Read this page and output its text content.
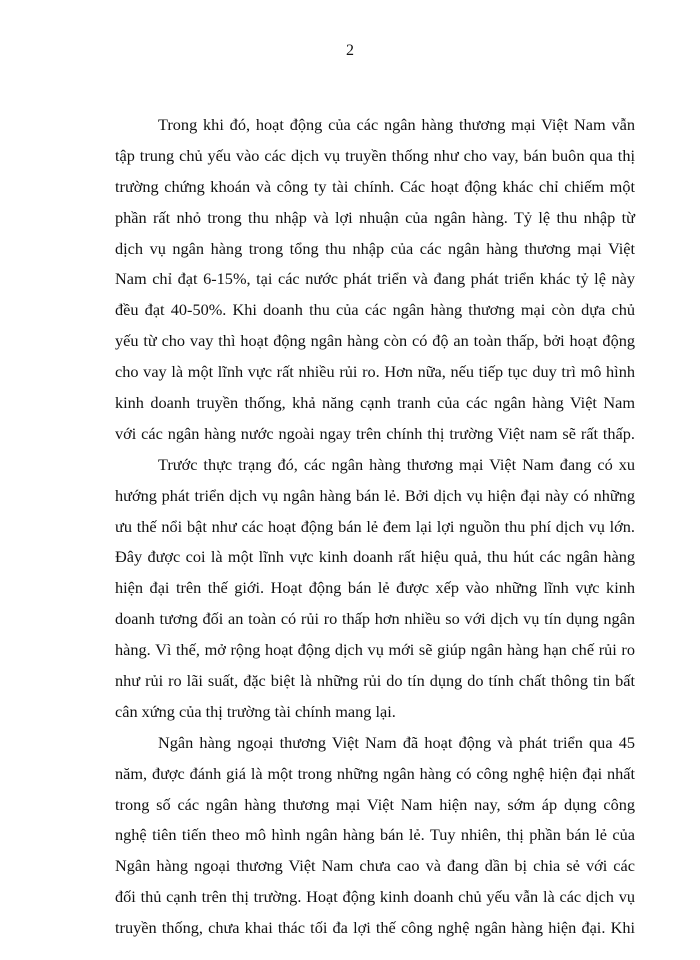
2
Trong khi đó, hoạt động của các ngân hàng thương mại Việt Nam vẫn
tập trung chủ yếu vào các dịch vụ truyền thống như cho vay, bán buôn qua thị
trường chứng khoán và công ty tài chính. Các hoạt động khác chỉ chiếm một
phần rất nhỏ trong thu nhập và lợi nhuận của ngân hàng. Tỷ lệ thu nhập từ
dịch vụ ngân hàng trong tổng thu nhập của các ngân hàng thương mại Việt
Nam chỉ đạt 6-15%, tại các nước phát triển và đang phát triển khác tỷ lệ này
đều đạt 40-50%. Khi doanh thu của các ngân hàng thương mại còn dựa chủ
yếu từ cho vay thì hoạt động ngân hàng còn có độ an toàn thấp, bởi hoạt động
cho vay là một lĩnh vực rất nhiều rủi ro. Hơn nữa, nếu tiếp tục duy trì mô hình
kinh doanh truyền thống, khả năng cạnh tranh của các ngân hàng Việt Nam
với các ngân hàng nước ngoài ngay trên chính thị trường Việt nam sẽ rất thấp.
Trước thực trạng đó, các ngân hàng thương mại Việt Nam đang có xu
hướng phát triển dịch vụ ngân hàng bán lẻ. Bởi dịch vụ hiện đại này có những
ưu thế nổi bật như các hoạt động bán lẻ đem lại lợi nguồn thu phí dịch vụ lớn.
Đây được coi là một lĩnh vực kinh doanh rất hiệu quả, thu hút các ngân hàng
hiện đại trên thế giới. Hoạt động bán lẻ được xếp vào những lĩnh vực kinh
doanh tương đối an toàn có rủi ro thấp hơn nhiều so với dịch vụ tín dụng ngân
hàng. Vì thế, mở rộng hoạt động dịch vụ mới sẽ giúp ngân hàng hạn chế rủi ro
như rủi ro lãi suất, đặc biệt là những rủi do tín dụng do tính chất thông tin bất
cân xứng của thị trường tài chính mang lại.
Ngân hàng ngoại thương Việt Nam đã hoạt động và phát triển qua 45
năm, được đánh giá là một trong những ngân hàng có công nghệ hiện đại nhất
trong số các ngân hàng thương mại Việt Nam hiện nay, sớm áp dụng công
nghệ tiên tiến theo mô hình ngân hàng bán lẻ. Tuy nhiên, thị phần bán lẻ của
Ngân hàng ngoại thương Việt Nam chưa cao và đang dần bị chia sẻ với các
đối thủ cạnh trên thị trường. Hoạt động kinh doanh chủ yếu vẫn là các dịch vụ
truyền thống, chưa khai thác tối đa lợi thế công nghệ ngân hàng hiện đại. Khi
